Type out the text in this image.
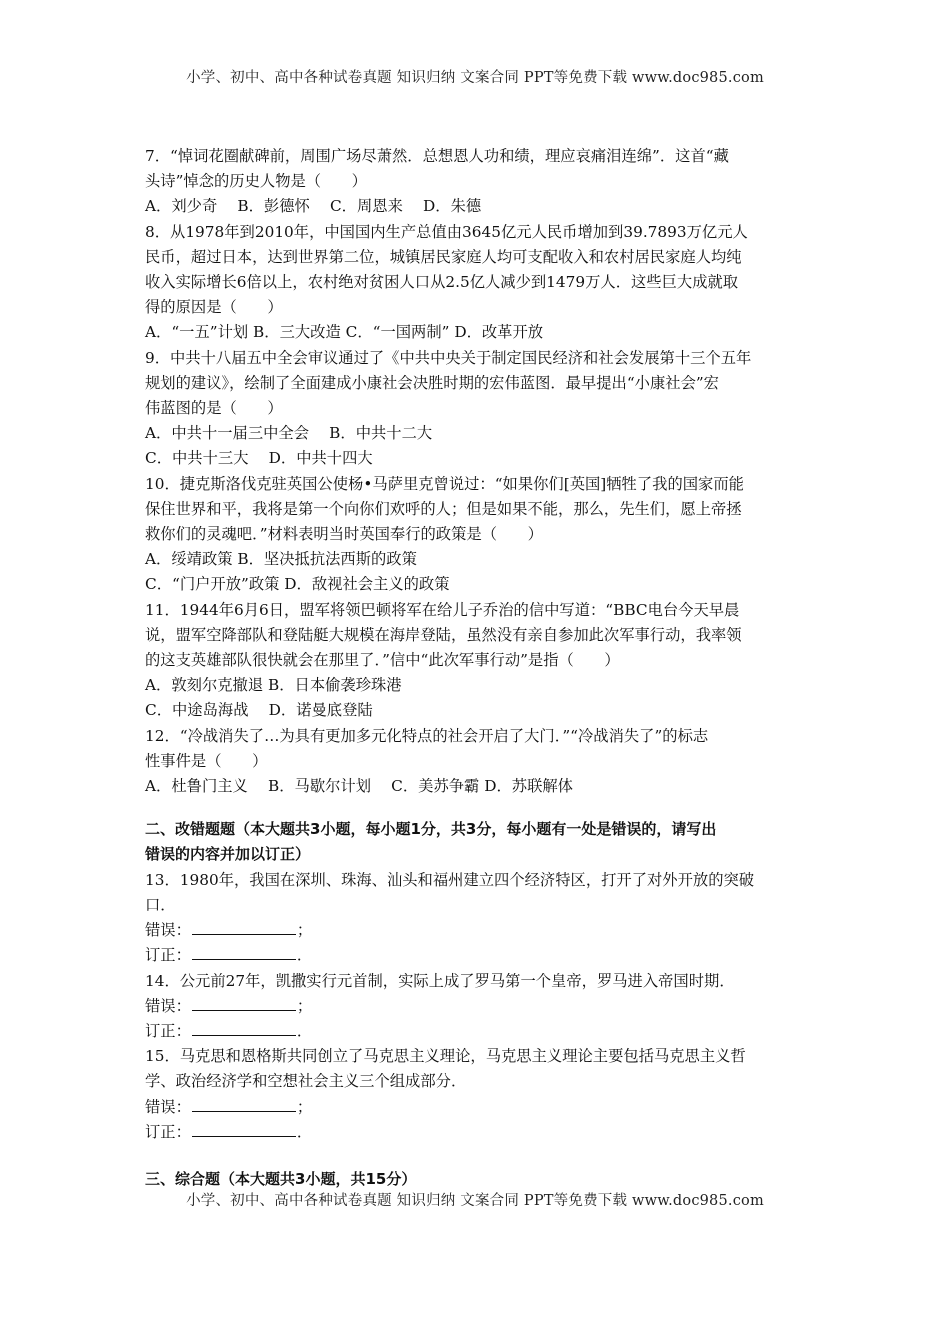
小学、初中、高中各种试卷真题 知识归纳 文案合同 PPT等免费下载 www.doc985.com
7．“悼词花圈献碑前，周围广场尽萧然．总想恩人功和绩，理应哀痛泪连绵”．这首“藏
头诗”悼念的历史人物是（　　）
A．刘少奇　 B．彭德怀　 C．周恩来　 D．朱德
8．从1978年到2010年，中国国内生产总值由3645亿元人民币增加到39.7893万亿元人
民币，超过日本，达到世界第二位，城镇居民家庭人均可支配收入和农村居民家庭人均纯
收入实际增长6倍以上，农村绝对贫困人口从2.5亿人减少到1479万人．这些巨大成就取
得的原因是（　　）
A．“一五”计划 B．三大改造 C．“一国两制” D．改革开放
9．中共十八届五中全会审议通过了《中共中央关于制定国民经济和社会发展第十三个五年
规划的建议》，绘制了全面建成小康社会决胜时期的宏伟蓝图．最早提出“小康社会”宏
伟蓝图的是（　　）
A．中共十一届三中全会　 B．中共十二大
C．中共十三大　 D．中共十四大
10．捷克斯洛伐克驻英国公使杨•马萨里克曾说过：“如果你们[英国]牺牲了我的国家而能
保住世界和平，我将是第一个向你们欢呼的人；但是如果不能，那么，先生们，愿上帝拯
救你们的灵魂吧．”材料表明当时英国奉行的政策是（　　）
A．绥靖政策 B．坚决抵抗法西斯的政策
C．“门户开放”政策 D．敌视社会主义的政策
11．1944年6月6日，盟军将领巴顿将军在给儿子乔治的信中写道：“BBC电台今天早晨
说，盟军空降部队和登陆艇大规模在海岸登陆，虽然没有亲自参加此次军事行动，我率领
的这支英雄部队很快就会在那里了．”信中“此次军事行动”是指（　　）
A．敦刻尔克撤退 B．日本偷袭珍珠港
C．中途岛海战　 D．诺曼底登陆
12．“冷战消失了…为具有更加多元化特点的社会开启了大门．”“冷战消失了”的标志
性事件是（　　）
A．杜鲁门主义　 B．马歇尔计划　 C．美苏争霸 D．苏联解体
二、改错题题（本大题共3小题，每小题1分，共3分，每小题有一处是错误的，请写出
错误的内容并加以订正）
13．1980年，我国在深圳、珠海、汕头和福州建立四个经济特区，打开了对外开放的突破
口．
错误：	；
订正：	．
14．公元前27年，凯撒实行元首制，实际上成了罗马第一个皇帝，罗马进入帝国时期．
错误：	；
订正：	．
15．马克思和恩格斯共同创立了马克思主义理论，马克思主义理论主要包括马克思主义哲
学、政治经济学和空想社会主义三个组成部分．
错误：	；
订正：	．
三、综合题（本大题共3小题，共15分）
小学、初中、高中各种试卷真题 知识归纳 文案合同 PPT等免费下载 www.doc985.com
